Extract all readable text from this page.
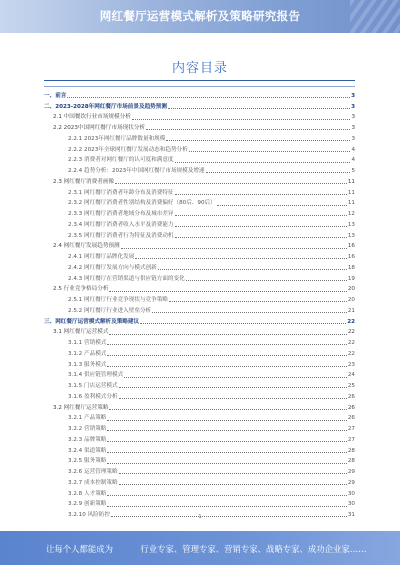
网红餐厅运营模式解析及策略研究报告
内容目录
一、前言	3
二、2023-2028年网红餐厅市场前景及趋势预测	3
2.1 中国餐饮行业市场规模分析	3
2.2 2023中国网红餐厅市场现状分析	3
2.2.1 2023年网红餐厅品牌数量和规模	3
2.2.2 2023年全球网红餐厅发展动态和趋势分析	4
2.2.3 消费者对网红餐厅的认可度和满意度	4
2.2.4 趋势分析：2023年中国网红餐厅市场规模及增速	5
2.3 网红餐厅消费者画像	11
2.3.1 网红餐厅消费者年龄分布及消费特征	11
2.3.2 网红餐厅消费者性别结构及消费偏好（80后、90后）	11
2.3.3 网红餐厅消费者地域分布及城市差异	12
2.3.4 网红餐厅消费者收入水平及消费能力	13
2.3.5 网红餐厅消费者行为特征及消费动机	13
2.4 网红餐厅发展趋势预测	16
2.4.1 网红餐厅品牌化发展	16
2.4.2 网红餐厅发展方向与模式创新	18
2.4.3 网红餐厅在营销渠道与供应链方面的变化	19
2.5 行业竞争格局分析	20
2.5.1 网红餐厅行业竞争现状与竞争策略	20
2.5.2 网红餐厅行业进入壁垒分析	21
三、网红餐厅运营模式解析及策略建议	22
3.1 网红餐厅运营模式	22
3.1.1 营销模式	22
3.1.2 产品模式	22
3.1.3 服务模式	23
3.1.4 供应链管理模式	24
3.1.5 门店运营模式	25
3.1.6 盈利模式分析	26
3.2 网红餐厅运营策略	26
3.2.1 产品策略	26
3.2.2 营销策略	27
3.2.3 品牌策略	27
3.2.4 渠道策略	28
3.2.5 服务策略	28
3.2.6 运营管理策略	29
3.2.7 成本控制策略	29
3.2.8 人才策略	30
3.2.9 创新策略	30
3.2.10 风险防控	31
1
让每个人都能成为	行业专家、管理专家、营销专家、战略专家、成功企业家……
